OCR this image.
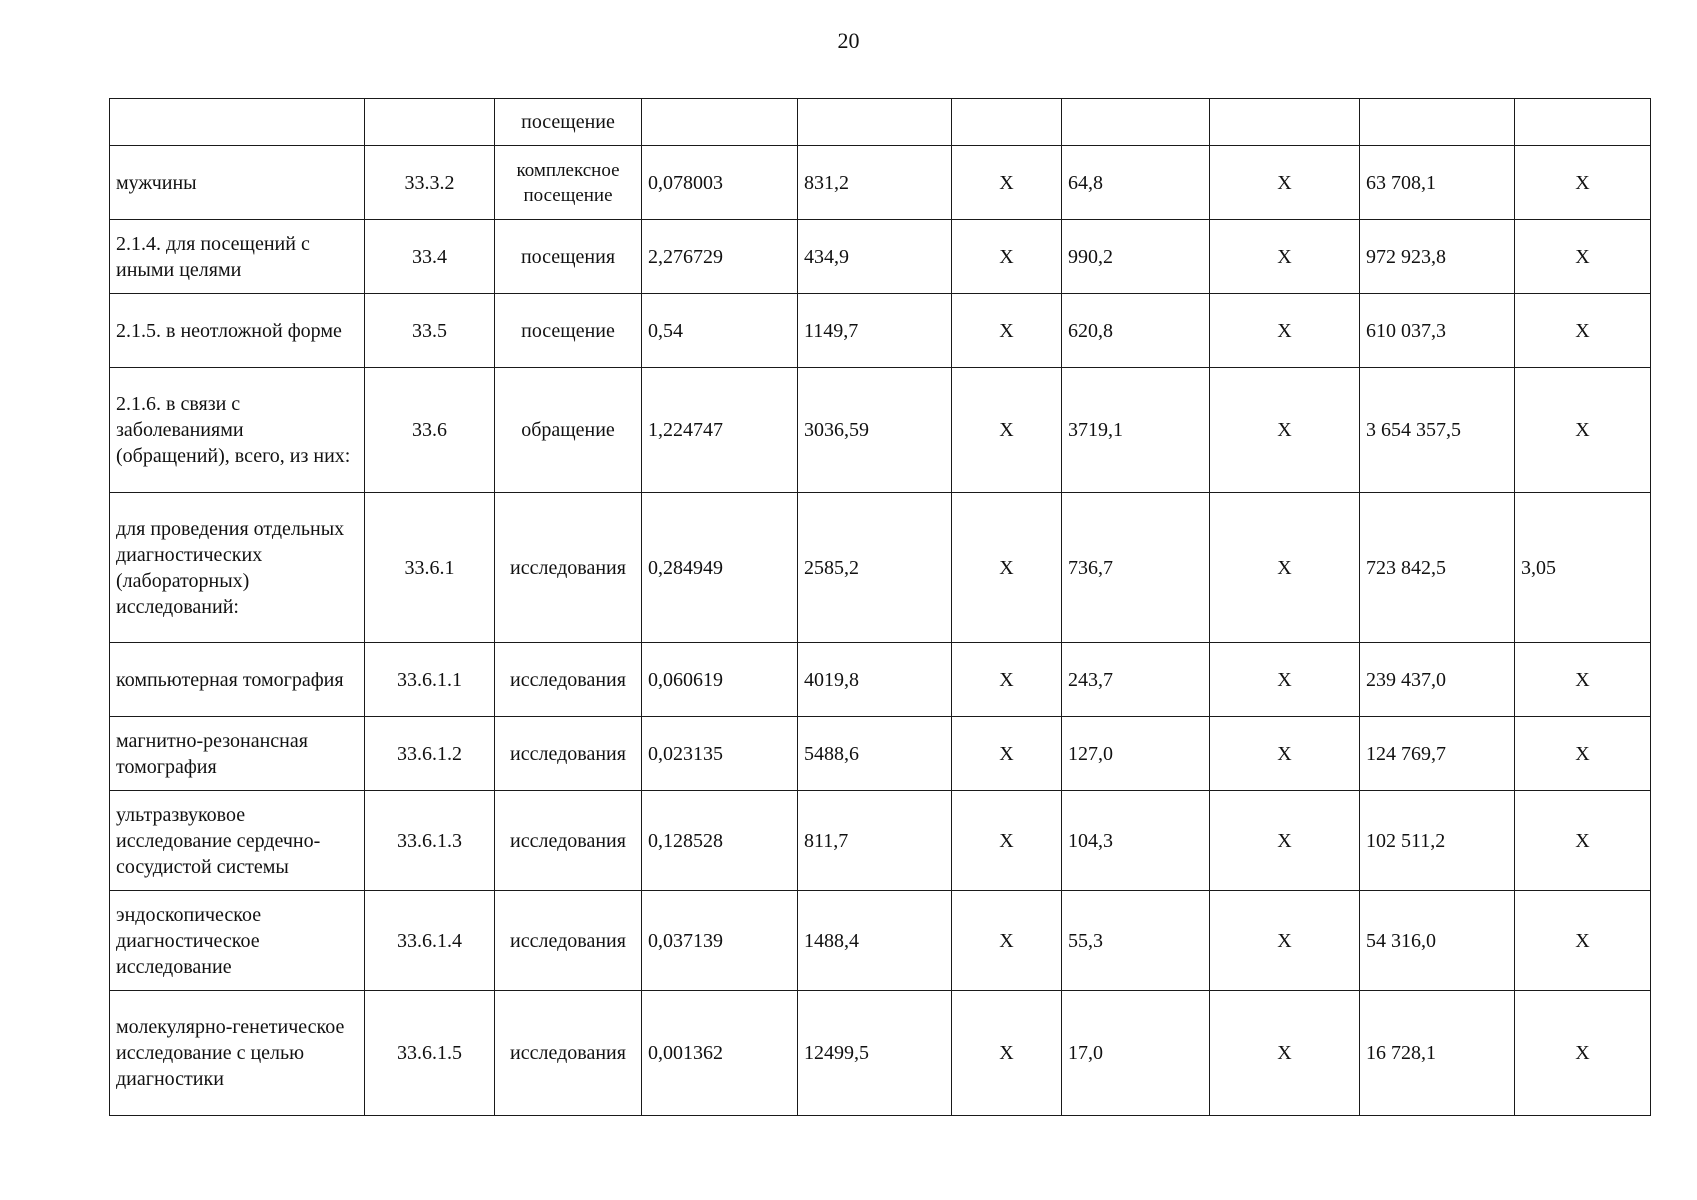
20
		посещение							
мужчины	33.3.2	комплексное посещение	0,078003	831,2	X	64,8	X	63 708,1	X
2.1.4. для посещений с иными целями	33.4	посещения	2,276729	434,9	X	990,2	X	972 923,8	X
2.1.5. в неотложной форме	33.5	посещение	0,54	1149,7	X	620,8	X	610 037,3	X
2.1.6. в связи с заболеваниями (обращений), всего, из них:	33.6	обращение	1,224747	3036,59	X	3719,1	X	3 654 357,5	X
для проведения отдельных диагностических (лабораторных) исследований:	33.6.1	исследования	0,284949	2585,2	X	736,7	X	723 842,5	3,05
компьютерная томография	33.6.1.1	исследования	0,060619	4019,8	X	243,7	X	239 437,0	X
магнитно-резонансная томография	33.6.1.2	исследования	0,023135	5488,6	X	127,0	X	124 769,7	X
ультразвуковое исследование сердечно-сосудистой системы	33.6.1.3	исследования	0,128528	811,7	X	104,3	X	102 511,2	X
эндоскопическое диагностическое исследование	33.6.1.4	исследования	0,037139	1488,4	X	55,3	X	54 316,0	X
молекулярно-генетическое исследование с целью диагностики	33.6.1.5	исследования	0,001362	12499,5	X	17,0	X	16 728,1	X
